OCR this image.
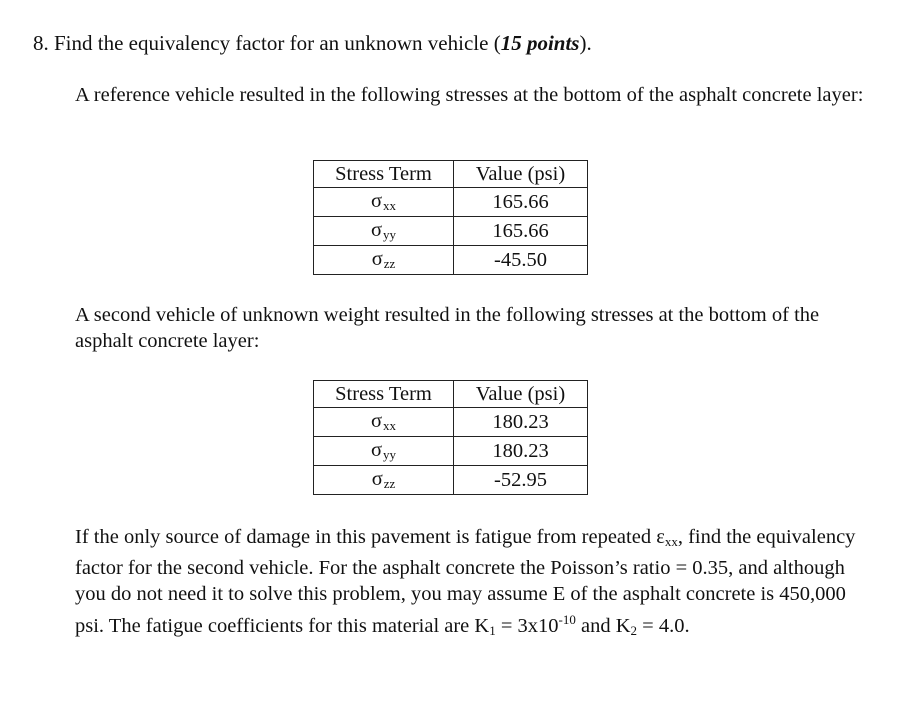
8. Find the equivalency factor for an unknown vehicle (15 points).
A reference vehicle resulted in the following stresses at the bottom of the asphalt concrete layer:
Stress Term	Value (psi)
$\sigma_{xx}$	165.66
$\sigma_{yy}$	165.66
$\sigma_{zz}$	-45.50
A second vehicle of unknown weight resulted in the following stresses at the bottom of the asphalt concrete layer:
Stress Term	Value (psi)
$\sigma_{xx}$	180.23
$\sigma_{yy}$	180.23
$\sigma_{zz}$	-52.95
If the only source of damage in this pavement is fatigue from repeated $\varepsilon_{xx}$, find the equivalency factor for the second vehicle. For the asphalt concrete the Poisson’s ratio = 0.35, and although you do not need it to solve this problem, you may assume E of the asphalt concrete is 450,000 psi. The fatigue coefficients for this material are $K_1 = 3x10^{-10}$ and $K_2 = 4.0$.
